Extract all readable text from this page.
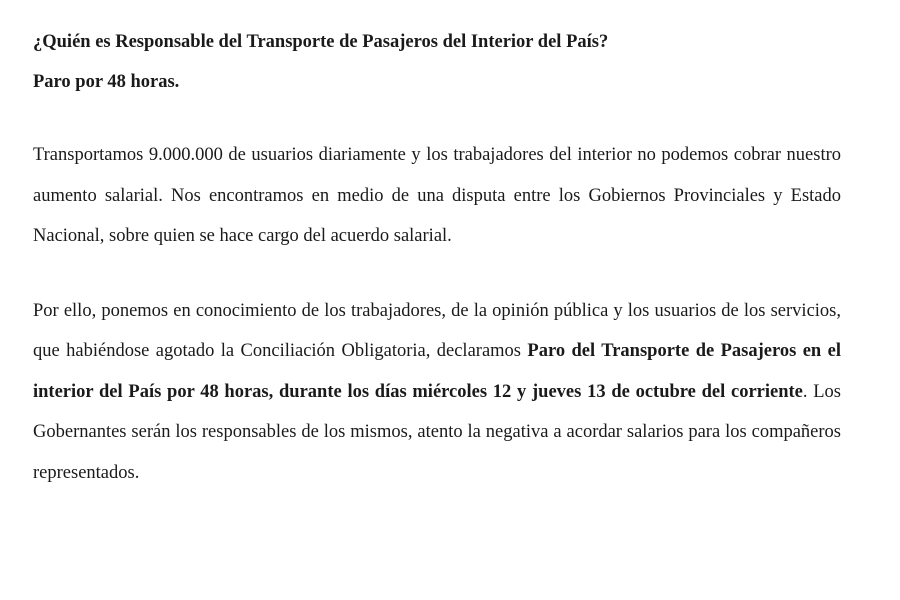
¿Quién es Responsable del Transporte de Pasajeros del Interior del País?

Paro por 48 horas.

Transportamos 9.000.000 de usuarios diariamente y los trabajadores del interior no podemos cobrar nuestro aumento salarial. Nos encontramos en medio de una disputa entre los Gobiernos Provinciales y Estado Nacional, sobre quien se hace cargo del acuerdo salarial.

Por ello, ponemos en conocimiento de los trabajadores, de la opinión pública y los usuarios de los servicios, que habiéndose agotado la Conciliación Obligatoria, declaramos Paro del Transporte de Pasajeros en el interior del País por 48 horas, durante los días miércoles 12 y jueves 13 de octubre del corriente. Los Gobernantes serán los responsables de los mismos, atento la negativa a acordar salarios para los compañeros representados.
